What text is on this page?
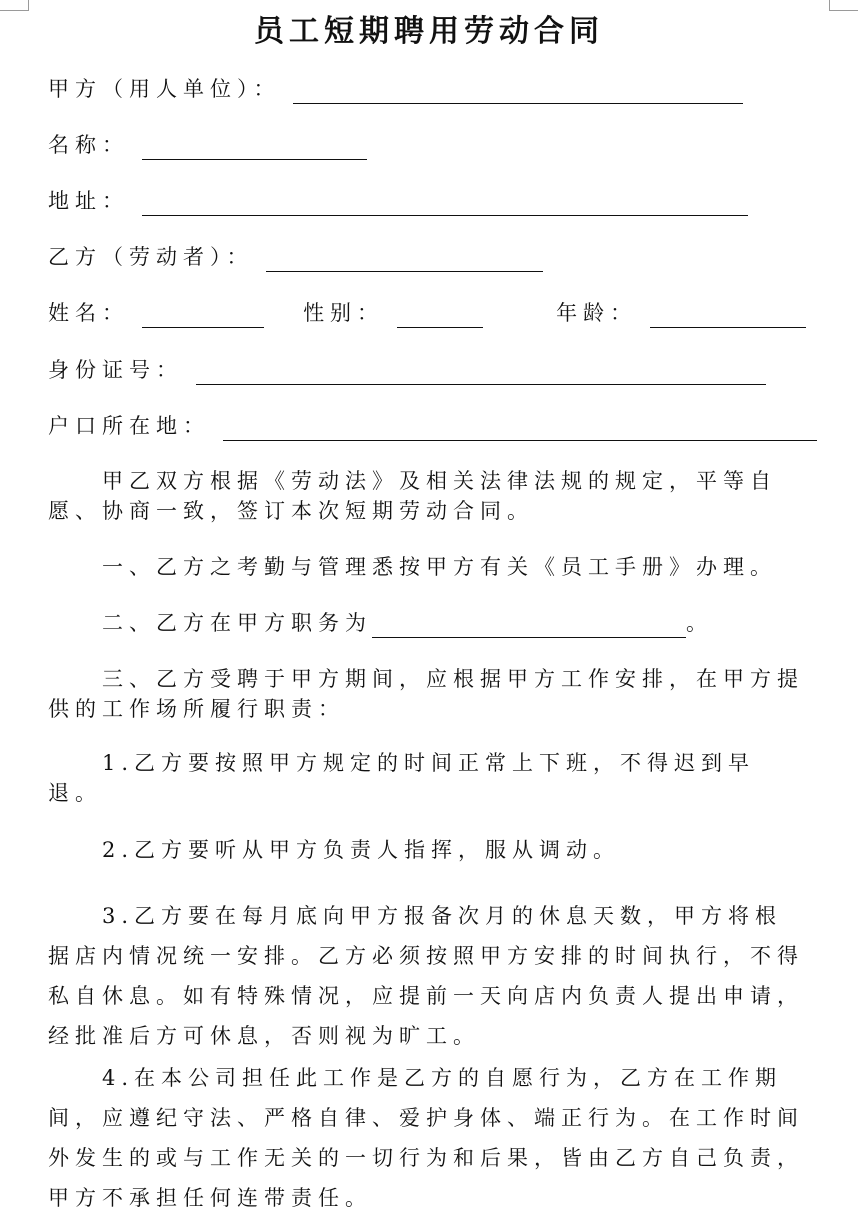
员工短期聘用劳动合同
甲方（用人单位）：
名称：
地址：
乙方（劳动者）：
姓名：	性别：	年龄：
身份证号：
户口所在地：
甲乙双方根据《劳动法》及相关法律法规的规定，平等自愿、协商一致，签订本次短期劳动合同。
一、乙方之考勤与管理悉按甲方有关《员工手册》办理。
二、乙方在甲方职务为	。
三、乙方受聘于甲方期间，应根据甲方工作安排，在甲方提供的工作场所履行职责：
1.乙方要按照甲方规定的时间正常上下班，不得迟到早退。
2.乙方要听从甲方负责人指挥，服从调动。
3.乙方要在每月底向甲方报备次月的休息天数，甲方将根据店内情况统一安排。乙方必须按照甲方安排的时间执行，不得私自休息。如有特殊情况，应提前一天向店内负责人提出申请，经批准后方可休息，否则视为旷工。
4.在本公司担任此工作是乙方的自愿行为，乙方在工作期间，应遵纪守法、严格自律、爱护身体、端正行为。在工作时间外发生的或与工作无关的一切行为和后果，皆由乙方自己负责，甲方不承担任何连带责任。
